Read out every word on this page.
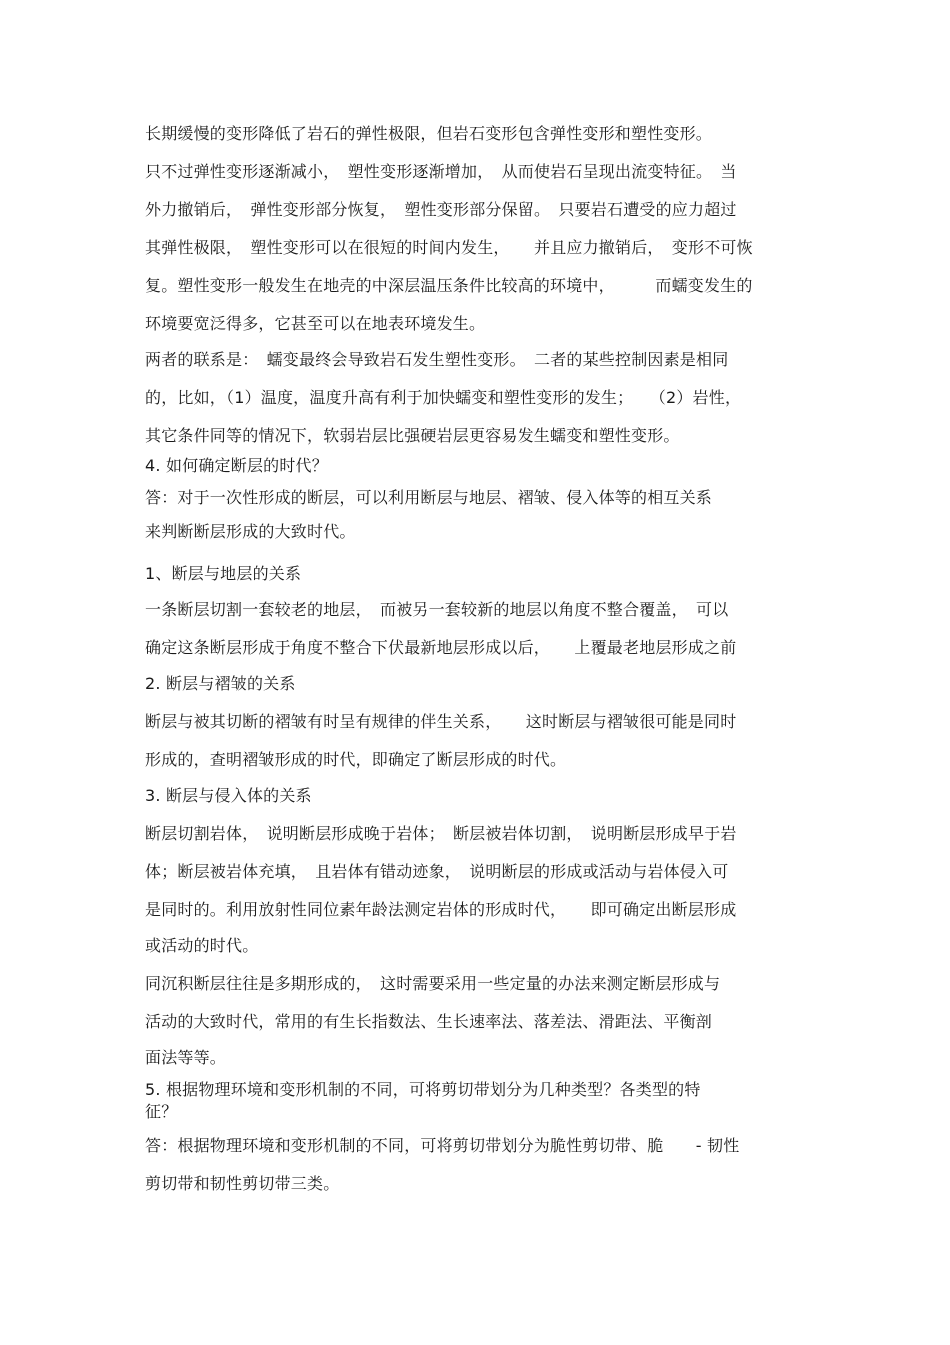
长期缓慢的变形降低了岩石的弹性极限，但岩石变形包含弹性变形和塑性变形。
只不过弹性变形逐渐减小，　塑性变形逐渐增加，　从而使岩石呈现出流变特征。　当
外力撤销后，　弹性变形部分恢复，　塑性变形部分保留。　只要岩石遭受的应力超过
其弹性极限，　塑性变形可以在很短的时间内发生，　　并且应力撤销后，　变形不可恢
复。塑性变形一般发生在地壳的中深层温压条件比较高的环境中，　　　而蠕变发生的
环境要宽泛得多，它甚至可以在地表环境发生。
两者的联系是：　蠕变最终会导致岩石发生塑性变形。　二者的某些控制因素是相同
的，比如，（1）温度，温度升高有利于加快蠕变和塑性变形的发生；　　（2）岩性，
其它条件同等的情况下，软弱岩层比强硬岩层更容易发生蠕变和塑性变形。
4. 如何确定断层的时代？
答：对于一次性形成的断层，可以利用断层与地层、褶皱、侵入体等的相互关系
来判断断层形成的大致时代。
1、断层与地层的关系
一条断层切割一套较老的地层，　而被另一套较新的地层以角度不整合覆盖，　可以
确定这条断层形成于角度不整合下伏最新地层形成以后，　　上覆最老地层形成之前
2. 断层与褶皱的关系
断层与被其切断的褶皱有时呈有规律的伴生关系，　　这时断层与褶皱很可能是同时
形成的，查明褶皱形成的时代，即确定了断层形成的时代。
3. 断层与侵入体的关系
断层切割岩体，　说明断层形成晚于岩体；　断层被岩体切割，　说明断层形成早于岩
体；断层被岩体充填，　且岩体有错动迹象，　说明断层的形成或活动与岩体侵入可
是同时的。利用放射性同位素年龄法测定岩体的形成时代，　　即可确定出断层形成
或活动的时代。
同沉积断层往往是多期形成的，　这时需要采用一些定量的办法来测定断层形成与
活动的大致时代，常用的有生长指数法、生长速率法、落差法、滑距法、平衡剖
面法等等。
5. 根据物理环境和变形机制的不同，可将剪切带划分为几种类型？各类型的特
征？
答：根据物理环境和变形机制的不同，可将剪切带划分为脆性剪切带、脆　　- 韧性
剪切带和韧性剪切带三类。
